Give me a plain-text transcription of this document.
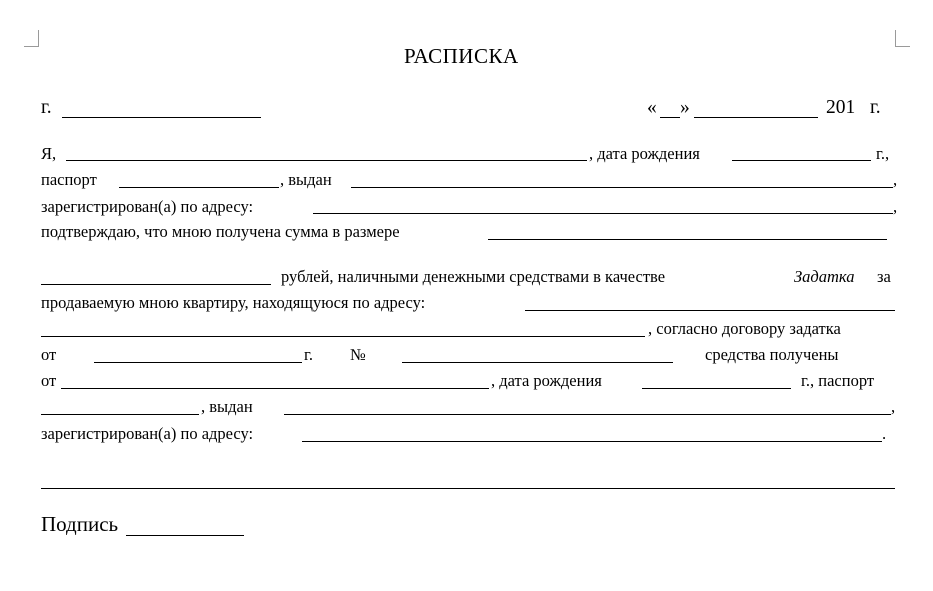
РАСПИСКА
г.	« »	201 г.
Я,	, дата рождения	г.,
паспорт	, выдан	,
зарегистрирован(а) по адресу:	,
подтверждаю, что мною получена сумма в размере
рублей, наличными денежными средствами в качестве	Задатка за
продаваемую мною квартиру, находящуюся по адресу:
, согласно договору задатка
от	г. №	средства получены
от	, дата рождения	г., паспорт
, выдан	,
зарегистрирован(а) по адресу:	.
Подпись
